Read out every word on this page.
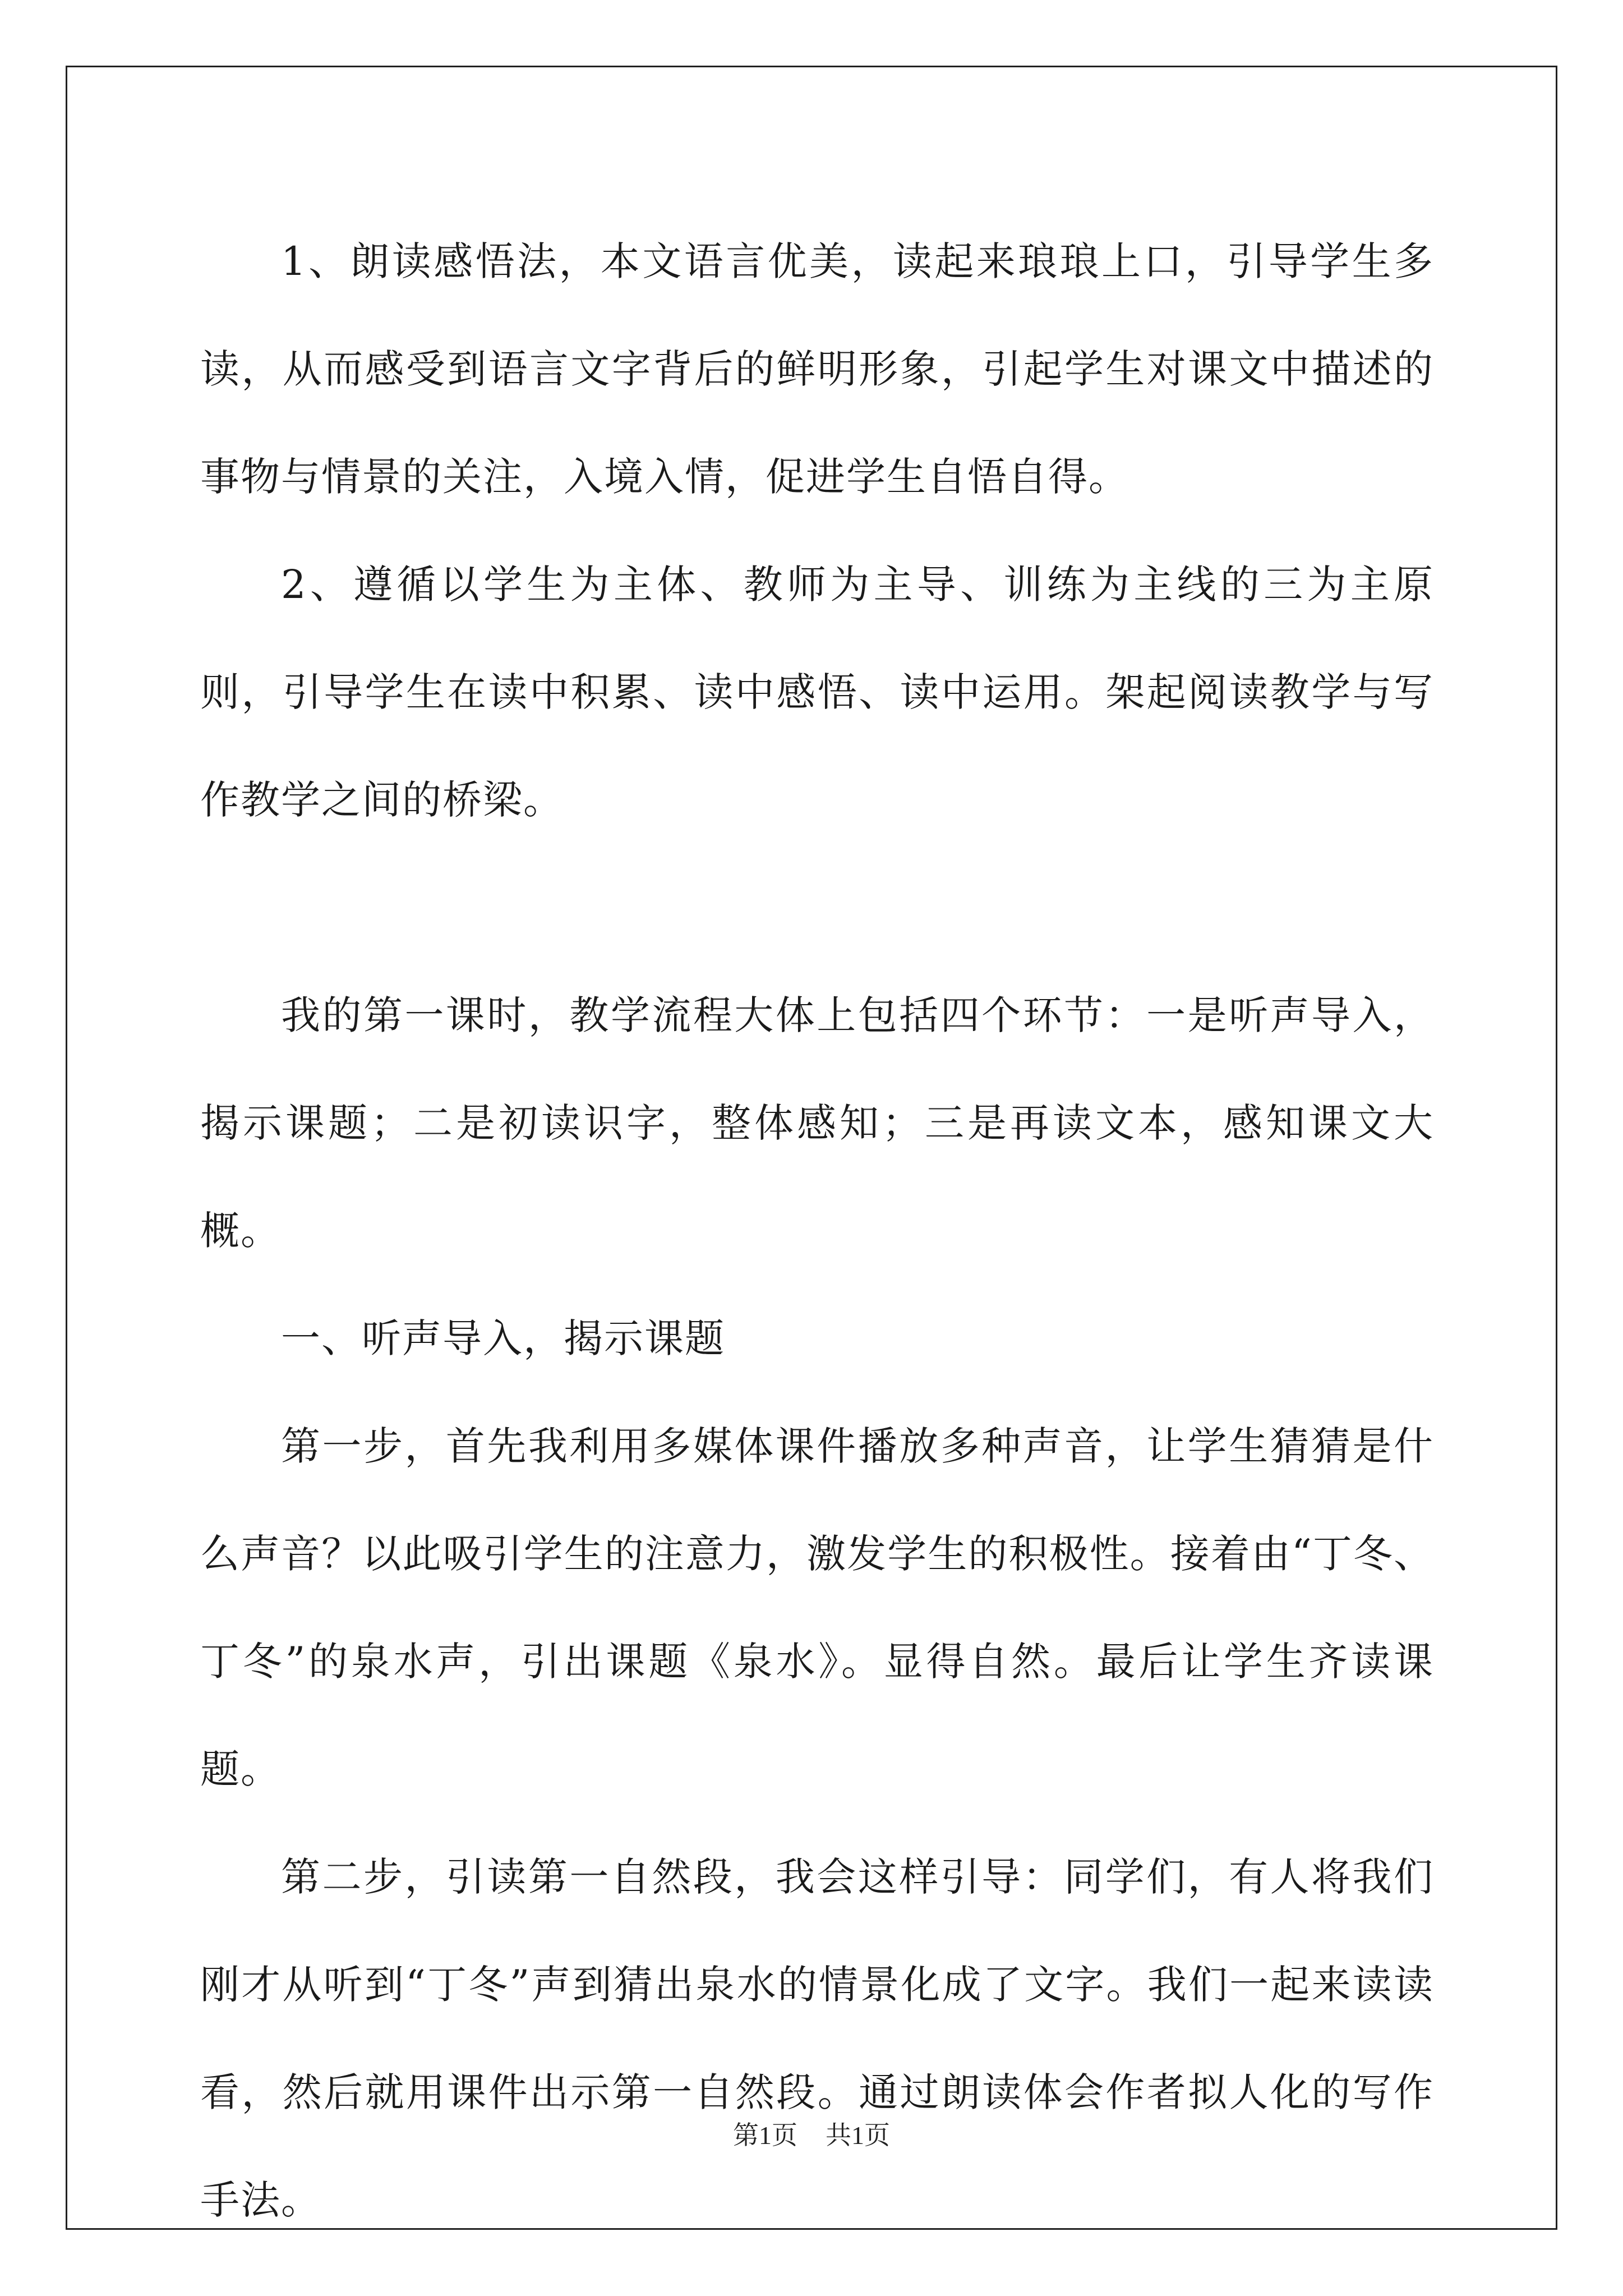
1、朗读感悟法，本文语言优美，读起来琅琅上口，引导学生多读，从而感受到语言文字背后的鲜明形象，引起学生对课文中描述的事物与情景的关注，入境入情，促进学生自悟自得。

2、遵循以学生为主体、教师为主导、训练为主线的三为主原则，引导学生在读中积累、读中感悟、读中运用。架起阅读教学与写作教学之间的桥梁。

我的第一课时，教学流程大体上包括四个环节：一是听声导入，揭示课题；二是初读识字，整体感知；三是再读文本，感知课文大概。

一、听声导入，揭示课题

第一步，首先我利用多媒体课件播放多种声音，让学生猜猜是什么声音？以此吸引学生的注意力，激发学生的积极性。接着由“丁冬、丁冬”的泉水声，引出课题《泉水》。显得自然。最后让学生齐读课题。

第二步，引读第一自然段，我会这样引导：同学们，有人将我们刚才从听到“丁冬”声到猜出泉水的情景化成了文字。我们一起来读读看，然后就用课件出示第一自然段。通过朗读体会作者拟人化的写作手法。

第1页 共1页
